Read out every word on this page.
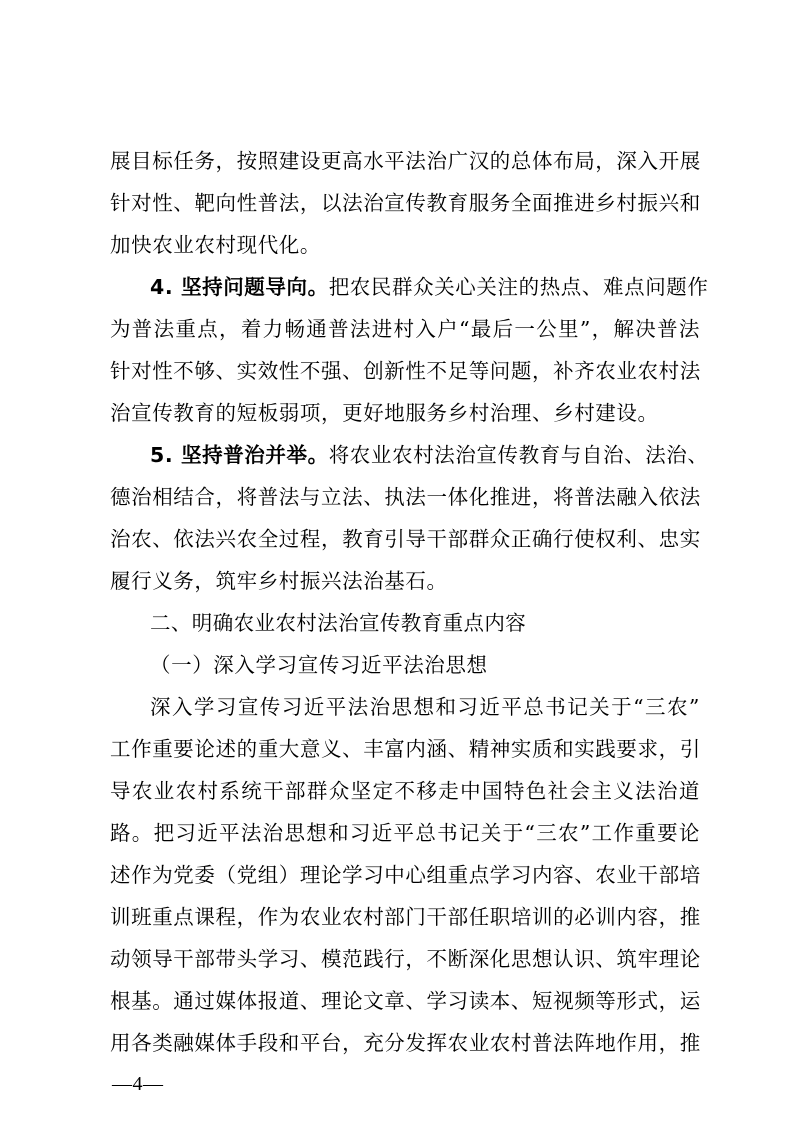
展目标任务，按照建设更高水平法治广汉的总体布局，深入开展
针对性、靶向性普法，以法治宣传教育服务全面推进乡村振兴和
加快农业农村现代化。
4. 坚持问题导向。把农民群众关心关注的热点、难点问题作
为普法重点，着力畅通普法进村入户“最后一公里”，解决普法
针对性不够、实效性不强、创新性不足等问题，补齐农业农村法
治宣传教育的短板弱项，更好地服务乡村治理、乡村建设。
5. 坚持普治并举。将农业农村法治宣传教育与自治、法治、
德治相结合，将普法与立法、执法一体化推进，将普法融入依法
治农、依法兴农全过程，教育引导干部群众正确行使权利、忠实
履行义务，筑牢乡村振兴法治基石。
二、明确农业农村法治宣传教育重点内容
（一）深入学习宣传习近平法治思想
深入学习宣传习近平法治思想和习近平总书记关于“三农”
工作重要论述的重大意义、丰富内涵、精神实质和实践要求，引
导农业农村系统干部群众坚定不移走中国特色社会主义法治道
路。把习近平法治思想和习近平总书记关于“三农”工作重要论
述作为党委（党组）理论学习中心组重点学习内容、农业干部培
训班重点课程，作为农业农村部门干部任职培训的必训内容，推
动领导干部带头学习、模范践行，不断深化思想认识、筑牢理论
根基。通过媒体报道、理论文章、学习读本、短视频等形式，运
用各类融媒体手段和平台，充分发挥农业农村普法阵地作用，推
—4—
